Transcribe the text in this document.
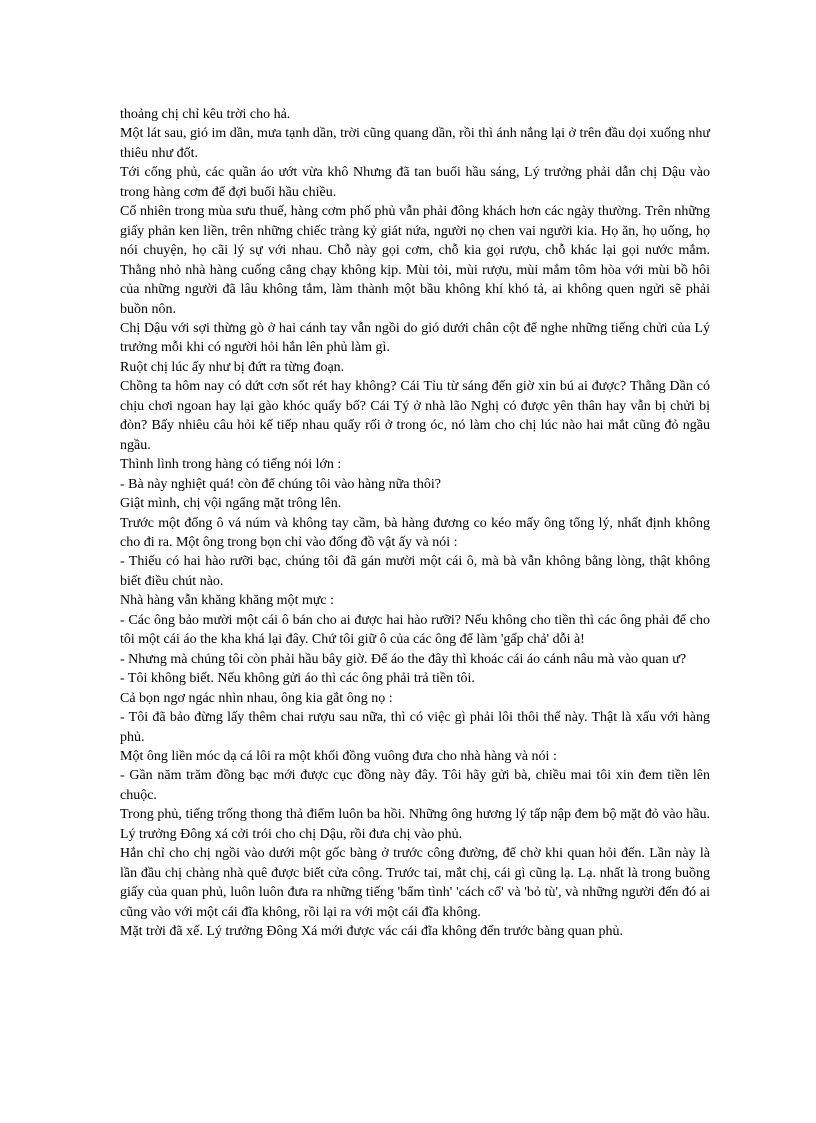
thoảng chị chỉ kêu trời cho hả.

Một lát sau, gió im dần, mưa tạnh dần, trời cũng quang dần, rồi thì ánh nắng lại ở trên đầu dọi xuống như thiêu như đốt.

Tới cổng phủ, các quần áo ướt vừa khô Nhưng đã tan buổi hầu sáng, Lý trưởng phải dẫn chị Dậu vào trong hàng cơm để đợi buổi hầu chiều.

Cố nhiên trong mùa sưu thuế, hàng cơm phố phủ vẫn phải đông khách hơn các ngày thường. Trên những giấy phản ken liền, trên những chiếc tràng kỷ giát nứa, người nọ chen vai người kia. Họ ăn, họ uống, họ nói chuyện, họ cãi lý sự với nhau. Chỗ này gọi cơm, chỗ kia gọi rượu, chỗ khác lại gọi nước mắm. Thằng nhỏ nhà hàng cuống cẳng chạy không kịp. Mùi tỏi, mùi rượu, mùi mắm tôm hòa với mùi bồ hôi của những người đã lâu không tắm, làm thành một bầu không khí khó tả, ai không quen ngửi sẽ phải buồn nôn.

Chị Dậu với sợi thừng gò ở hai cánh tay vẫn ngồi do gió dưới chân cột để nghe những tiếng chửi của Lý trưởng mỗi khi có người hỏi hắn lên phủ làm gì.

Ruột chị lúc ấy như bị đứt ra từng đoạn.

Chồng ta hôm nay có dứt cơn sốt rét hay không? Cái Tỉu từ sáng đến giờ xin bú ai được? Thằng Dần có chịu chơi ngoan hay lại gào khóc quấy bố? Cái Tý ở nhà lão Nghị có được yên thân hay vẫn bị chửi bị đòn? Bấy nhiêu câu hỏi kế tiếp nhau quấy rối ở trong óc, nó làm cho chị lúc nào hai mắt cũng đỏ ngầu ngầu.

Thình lình trong hàng có tiếng nói lớn :

- Bà này nghiệt quá! còn để chúng tôi vào hàng nữa thôi?

Giật mình, chị vội ngẩng mặt trông lên.

Trước một đống ô vá núm và không tay cầm, bà hàng đương co kéo mấy ông tổng lý, nhất định không cho đi ra. Một ông trong bọn chỉ vào đống đồ vật ấy và nói :

- Thiếu có hai hào rưỡi bạc, chúng tôi đã gán mười một cái ô, mà bà vẫn không bằng lòng, thật không biết điều chút nào.

Nhà hàng vẫn khăng khăng một mực :

- Các ông bảo mười một cái ô bán cho ai được hai hào rưỡi? Nếu không cho tiền thì các ông phải để cho tôi một cái áo the kha khá lại đây. Chứ tôi giữ ô của các ông để làm 'gấp chả' dỗi à!

- Nhưng mà chúng tôi còn phải hầu bây giờ. Để áo the đây thì khoác cái áo cánh nâu mà vào quan ư?

- Tôi không biết. Nếu không gửi áo thì các ông phải trả tiền tôi.

Cả bọn ngơ ngác nhìn nhau, ông kia gắt ông nọ :

- Tôi đã bảo đừng lấy thêm chai rượu sau nữa, thì có việc gì phải lôi thôi thế này. Thật là xấu với hàng phủ.

Một ông liền móc dạ cá lôi ra một khối đồng vuông đưa cho nhà hàng và nói :

- Gần năm trăm đồng bạc mới được cục đồng này đây. Tôi hãy gửi bà, chiều mai tôi xin đem tiền lên chuộc.

Trong phủ, tiếng trống thong thả điểm luôn ba hồi. Những ông hương lý tấp nập đem bộ mặt đỏ vào hầu. Lý trưởng Đông xá cởi trói cho chị Dậu, rồi đưa chị vào phủ.

Hắn chỉ cho chị ngồi vào dưới một gốc bàng ở trước công đường, để chờ khi quan hỏi đến. Lần này là lần đầu chị chàng nhà quê được biết cửa công. Trước tai, mắt chị, cái gì cũng lạ. Lạ. nhất là trong buồng giấy của quan phủ, luôn luôn đưa ra những tiếng 'bẩm tình' 'cách cổ' và 'bỏ tù', và những người đến đó ai cũng vào với một cái đĩa không, rồi lại ra với một cái đĩa không.

Mặt trời đã xế. Lý trưởng Đông Xá mới được vác cái đĩa không đến trước bàng quan phủ.
